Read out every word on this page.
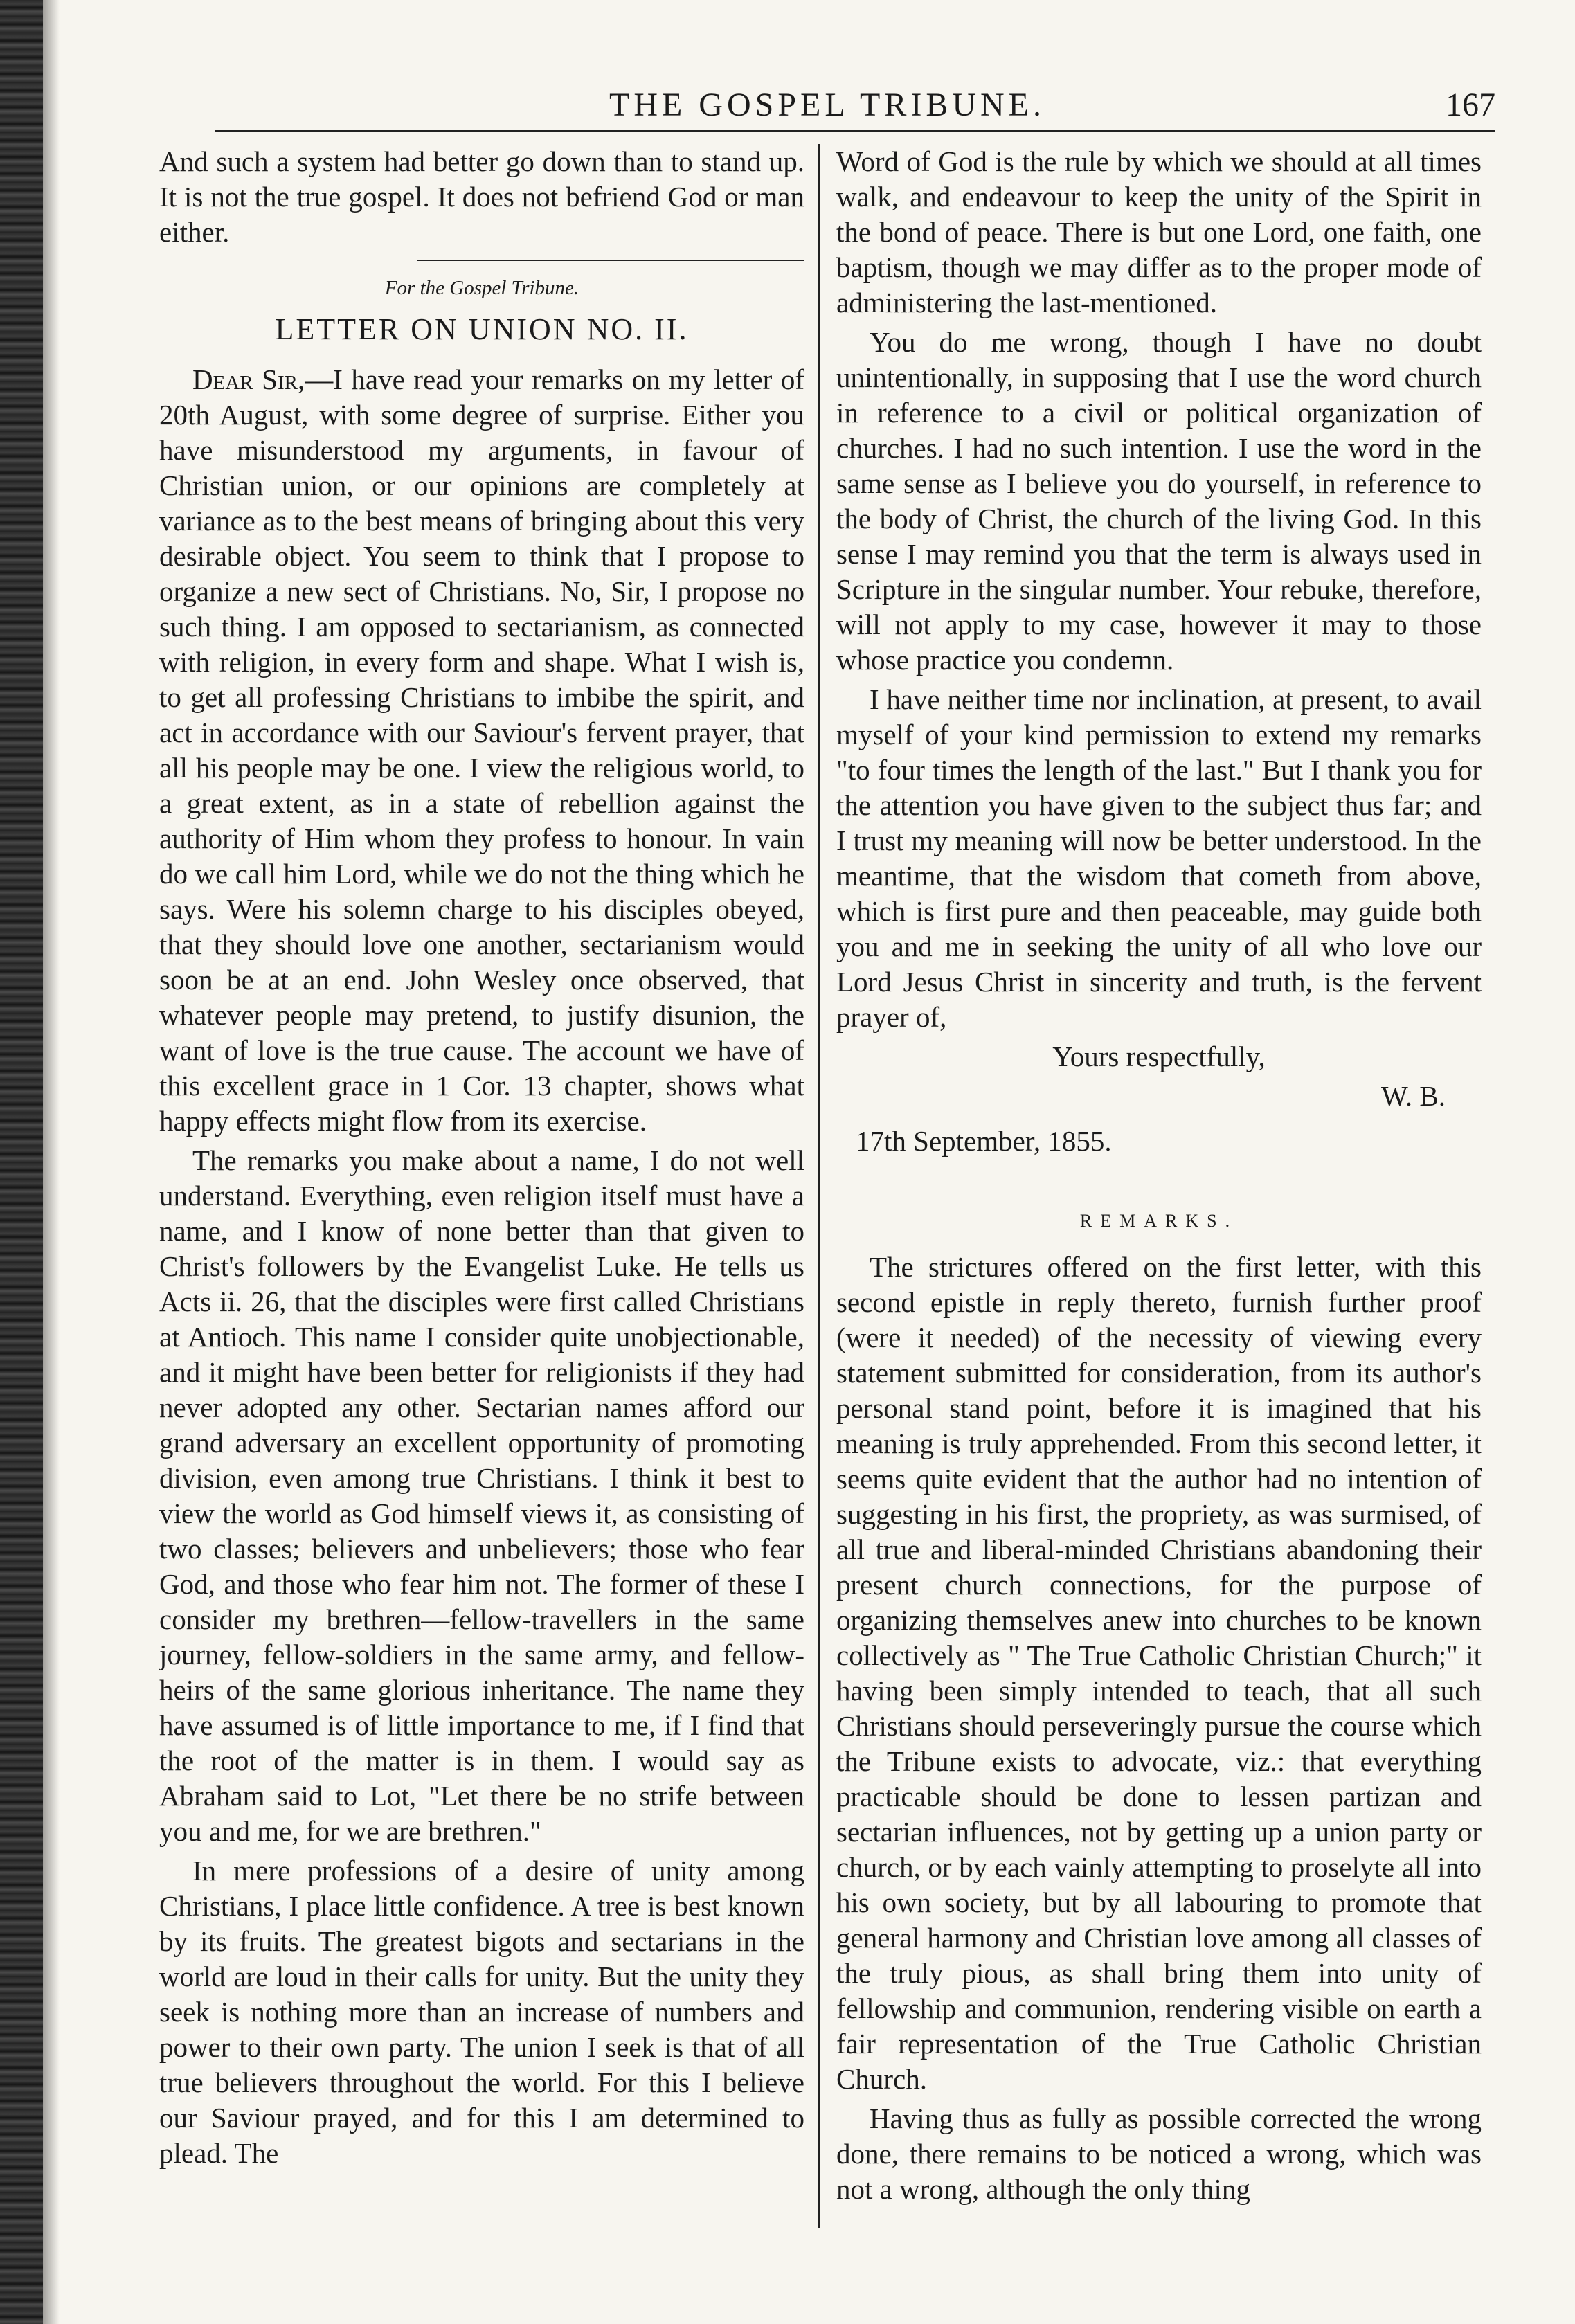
THE GOSPEL TRIBUNE.	167

And such a system had better go down than to stand up. It is not the true gospel. It does not befriend God or man either.

For the Gospel Tribune.
LETTER ON UNION NO. II.

Dear Sir,—I have read your remarks on my letter of 20th August, with some degree of surprise. Either you have misunderstood my arguments, in favour of Christian union, or our opinions are completely at variance as to the best means of bringing about this very desirable object. You seem to think that I propose to organize a new sect of Christians. No, Sir, I propose no such thing. I am opposed to sectarianism, as connected with religion, in every form and shape. What I wish is, to get all professing Christians to imbibe the spirit, and act in accordance with our Saviour's fervent prayer, that all his people may be one. I view the religious world, to a great extent, as in a state of rebellion against the authority of Him whom they profess to honour. In vain do we call him Lord, while we do not the thing which he says. Were his solemn charge to his disciples obeyed, that they should love one another, sectarianism would soon be at an end. John Wesley once observed, that whatever people may pretend, to justify disunion, the want of love is the true cause. The account we have of this excellent grace in 1 Cor. 13 chapter, shows what happy effects might flow from its exercise.

The remarks you make about a name, I do not well understand. Everything, even religion itself must have a name, and I know of none better than that given to Christ's followers by the Evangelist Luke. He tells us Acts ii. 26, that the disciples were first called Christians at Antioch. This name I consider quite unobjectionable, and it might have been better for religionists if they had never adopted any other. Sectarian names afford our grand adversary an excellent opportunity of promoting division, even among true Christians. I think it best to view the world as God himself views it, as consisting of two classes; believers and unbelievers; those who fear God, and those who fear him not. The former of these I consider my brethren—fellow-travellers in the same journey, fellow-soldiers in the same army, and fellow-heirs of the same glorious inheritance. The name they have assumed is of little importance to me, if I find that the root of the matter is in them. I would say as Abraham said to Lot, "Let there be no strife between you and me, for we are brethren."

In mere professions of a desire of unity among Christians, I place little confidence. A tree is best known by its fruits. The greatest bigots and sectarians in the world are loud in their calls for unity. But the unity they seek is nothing more than an increase of numbers and power to their own party. The union I seek is that of all true believers throughout the world. For this I believe our Saviour prayed, and for this I am determined to plead. The

Word of God is the rule by which we should at all times walk, and endeavour to keep the unity of the Spirit in the bond of peace. There is but one Lord, one faith, one baptism, though we may differ as to the proper mode of administering the last-mentioned.

You do me wrong, though I have no doubt unintentionally, in supposing that I use the word church in reference to a civil or political organization of churches. I had no such intention. I use the word in the same sense as I believe you do yourself, in reference to the body of Christ, the church of the living God. In this sense I may remind you that the term is always used in Scripture in the singular number. Your rebuke, therefore, will not apply to my case, however it may to those whose practice you condemn.

I have neither time nor inclination, at present, to avail myself of your kind permission to extend my remarks "to four times the length of the last." But I thank you for the attention you have given to the subject thus far; and I trust my meaning will now be better understood. In the meantime, that the wisdom that cometh from above, which is first pure and then peaceable, may guide both you and me in seeking the unity of all who love our Lord Jesus Christ in sincerity and truth, is the fervent prayer of,

Yours respectfully,
W. B.
17th September, 1855.
REMARKS.

The strictures offered on the first letter, with this second epistle in reply thereto, furnish further proof (were it needed) of the necessity of viewing every statement submitted for consideration, from its author's personal stand point, before it is imagined that his meaning is truly apprehended. From this second letter, it seems quite evident that the author had no intention of suggesting in his first, the propriety, as was surmised, of all true and liberal-minded Christians abandoning their present church connections, for the purpose of organizing themselves anew into churches to be known collectively as " The True Catholic Christian Church;" it having been simply intended to teach, that all such Christians should perseveringly pursue the course which the Tribune exists to advocate, viz.: that everything practicable should be done to lessen partizan and sectarian influences, not by getting up a union party or church, or by each vainly attempting to proselyte all into his own society, but by all labouring to promote that general harmony and Christian love among all classes of the truly pious, as shall bring them into unity of fellowship and communion, rendering visible on earth a fair representation of the True Catholic Christian Church.

Having thus as fully as possible corrected the wrong done, there remains to be noticed a wrong, which was not a wrong, although the only thing
